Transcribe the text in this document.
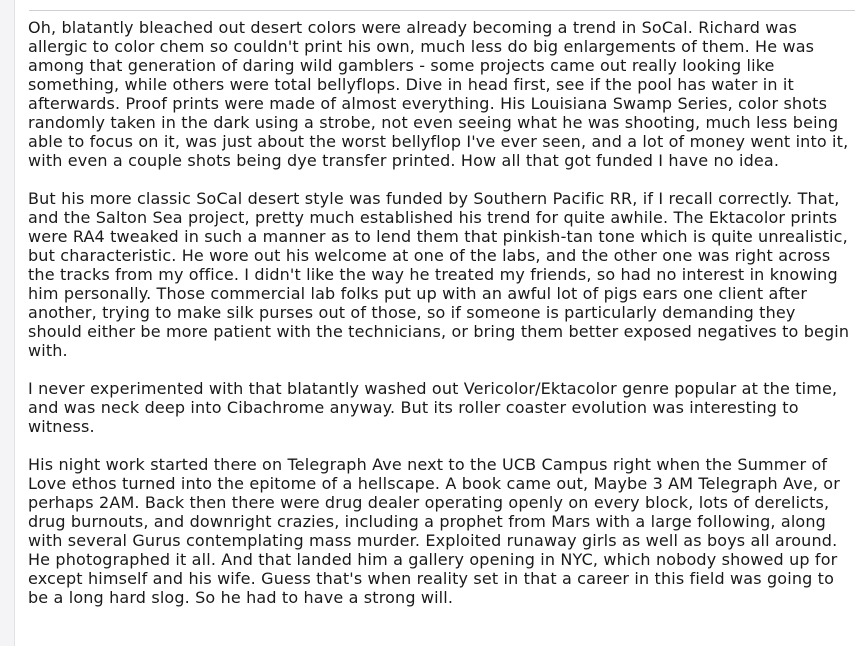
Oh, blatantly bleached out desert colors were already becoming a trend in SoCal. Richard was allergic to color chem so couldn't print his own, much less do big enlargements of them. He was among that generation of daring wild gamblers - some projects came out really looking like something, while others were total bellyflops. Dive in head first, see if the pool has water in it afterwards. Proof prints were made of almost everything. His Louisiana Swamp Series, color shots randomly taken in the dark using a strobe, not even seeing what he was shooting, much less being able to focus on it, was just about the worst bellyflop I've ever seen, and a lot of money went into it, with even a couple shots being dye transfer printed. How all that got funded I have no idea.

But his more classic SoCal desert style was funded by Southern Pacific RR, if I recall correctly. That, and the Salton Sea project, pretty much established his trend for quite awhile. The Ektacolor prints were RA4 tweaked in such a manner as to lend them that pinkish-tan tone which is quite unrealistic, but characteristic. He wore out his welcome at one of the labs, and the other one was right across the tracks from my office. I didn't like the way he treated my friends, so had no interest in knowing him personally. Those commercial lab folks put up with an awful lot of pigs ears one client after another, trying to make silk purses out of those, so if someone is particularly demanding they should either be more patient with the technicians, or bring them better exposed negatives to begin with.

I never experimented with that blatantly washed out Vericolor/Ektacolor genre popular at the time, and was neck deep into Cibachrome anyway. But its roller coaster evolution was interesting to witness.

His night work started there on Telegraph Ave next to the UCB Campus right when the Summer of Love ethos turned into the epitome of a hellscape. A book came out, Maybe 3 AM Telegraph Ave, or perhaps 2AM. Back then there were drug dealer operating openly on every block, lots of derelicts, drug burnouts, and downright crazies, including a prophet from Mars with a large following, along with several Gurus contemplating mass murder. Exploited runaway girls as well as boys all around. He photographed it all. And that landed him a gallery opening in NYC, which nobody showed up for except himself and his wife. Guess that's when reality set in that a career in this field was going to be a long hard slog. So he had to have a strong will.
